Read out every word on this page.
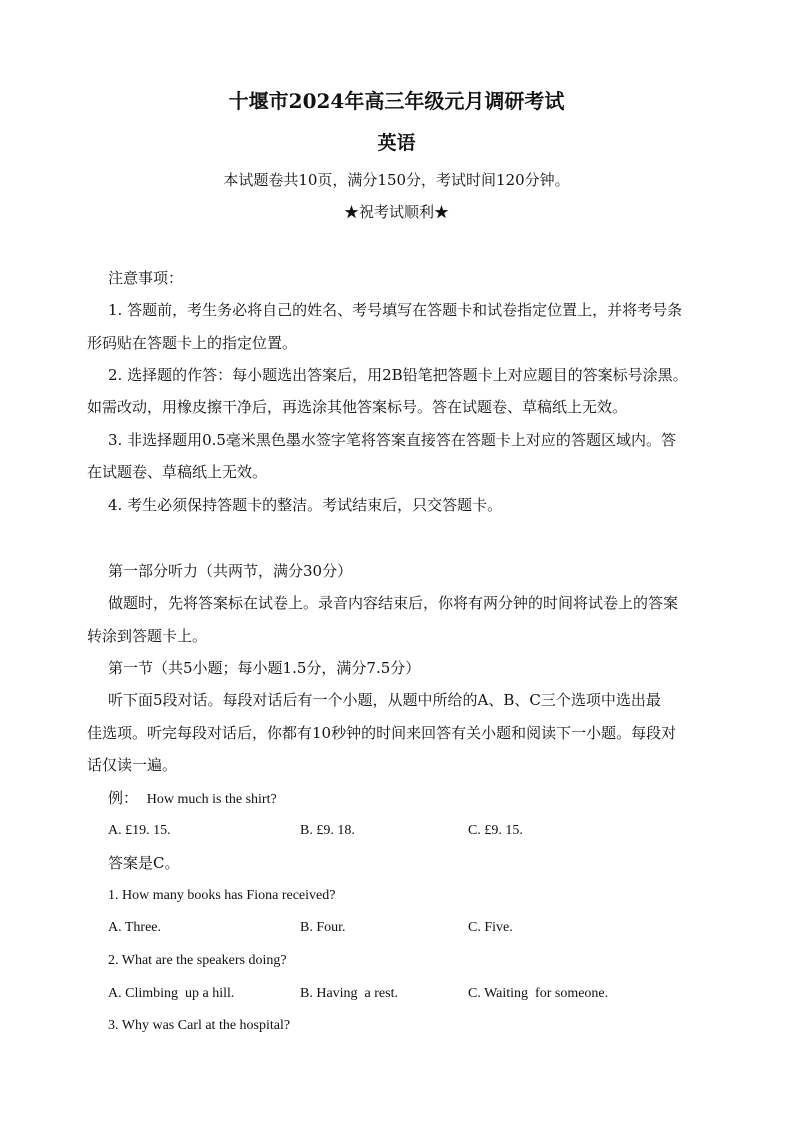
十堰市2024年高三年级元月调研考试
英语
本试题卷共10页，满分150分，考试时间120分钟。
★祝考试顺利★
注意事项：
1. 答题前，考生务必将自己的姓名、考号填写在答题卡和试卷指定位置上，并将考号条
形码贴在答题卡上的指定位置。
2. 选择题的作答：每小题选出答案后，用2B铅笔把答题卡上对应题目的答案标号涂黑。
如需改动，用橡皮擦干净后，再选涂其他答案标号。答在试题卷、草稿纸上无效。
3. 非选择题用0.5毫米黑色墨水签字笔将答案直接答在答题卡上对应的答题区域内。答
在试题卷、草稿纸上无效。
4. 考生必须保持答题卡的整洁。考试结束后，只交答题卡。
第一部分听力（共两节，满分30分）
做题时，先将答案标在试卷上。录音内容结束后，你将有两分钟的时间将试卷上的答案
转涂到答题卡上。
第一节（共5小题；每小题1.5分，满分7.5分）
听下面5段对话。每段对话后有一个小题，从题中所给的A、B、C三个选项中选出最
佳选项。听完每段对话后，你都有10秒钟的时间来回答有关小题和阅读下一小题。每段对
话仅读一遍。
例： How much is the shirt?
A. £19. 15.	B. £9. 18.	C. £9. 15.
答案是C。
1. How many books has Fiona received?
A. Three.	B. Four.	C. Five.
2. What are the speakers doing?
A. Climbing  up a hill.	B. Having  a rest.	C. Waiting  for someone.
3. Why was Carl at the hospital?
